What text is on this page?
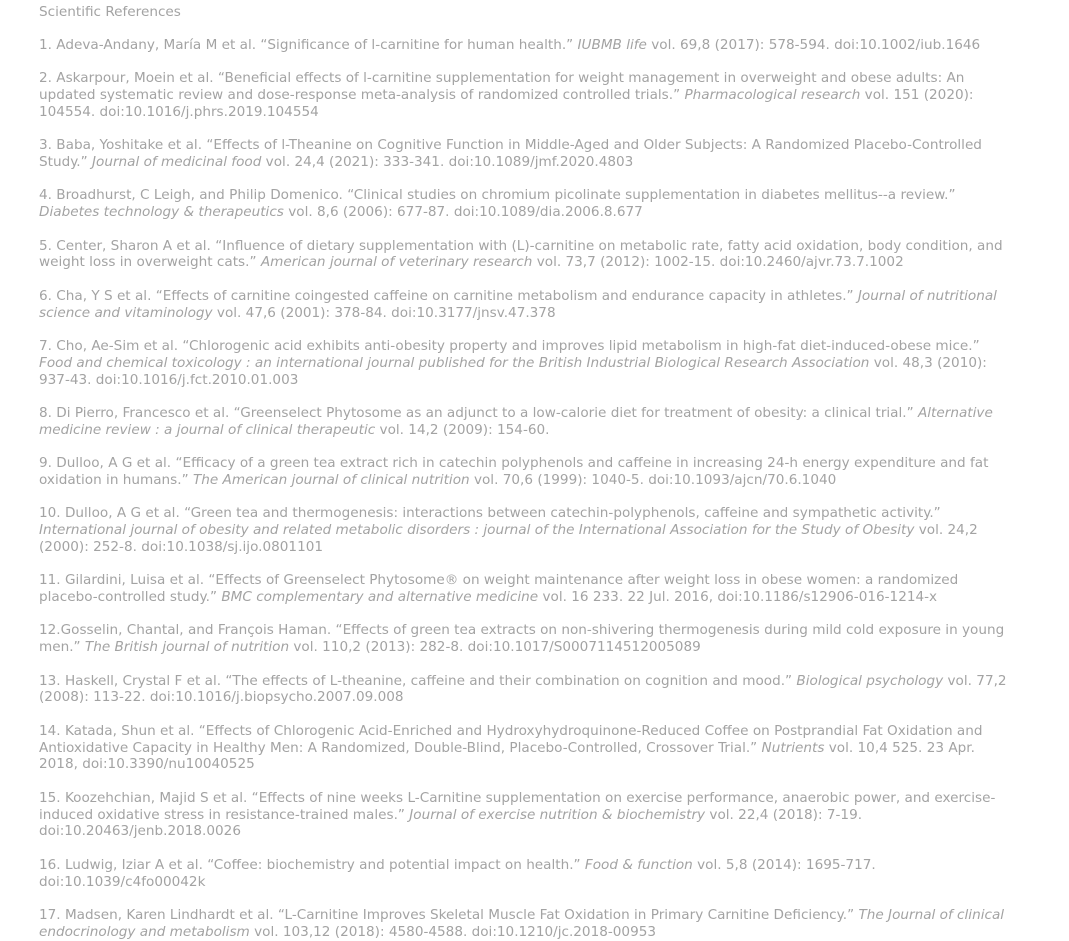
Scientific References
1. Adeva-Andany, María M et al. “Significance of l-carnitine for human health.” IUBMB life vol. 69,8 (2017): 578-594. doi:10.1002/iub.1646
2. Askarpour, Moein et al. “Beneficial effects of l-carnitine supplementation for weight management in overweight and obese adults: An updated systematic review and dose-response meta-analysis of randomized controlled trials.” Pharmacological research vol. 151 (2020): 104554. doi:10.1016/j.phrs.2019.104554
3. Baba, Yoshitake et al. “Effects of l-Theanine on Cognitive Function in Middle-Aged and Older Subjects: A Randomized Placebo-Controlled Study.” Journal of medicinal food vol. 24,4 (2021): 333-341. doi:10.1089/jmf.2020.4803
4. Broadhurst, C Leigh, and Philip Domenico. “Clinical studies on chromium picolinate supplementation in diabetes mellitus--a review.” Diabetes technology & therapeutics vol. 8,6 (2006): 677-87. doi:10.1089/dia.2006.8.677
5. Center, Sharon A et al. “Influence of dietary supplementation with (L)-carnitine on metabolic rate, fatty acid oxidation, body condition, and weight loss in overweight cats.” American journal of veterinary research vol. 73,7 (2012): 1002-15. doi:10.2460/ajvr.73.7.1002
6. Cha, Y S et al. “Effects of carnitine coingested caffeine on carnitine metabolism and endurance capacity in athletes.” Journal of nutritional science and vitaminology vol. 47,6 (2001): 378-84. doi:10.3177/jnsv.47.378
7. Cho, Ae-Sim et al. “Chlorogenic acid exhibits anti-obesity property and improves lipid metabolism in high-fat diet-induced-obese mice.” Food and chemical toxicology : an international journal published for the British Industrial Biological Research Association vol. 48,3 (2010): 937-43. doi:10.1016/j.fct.2010.01.003
8. Di Pierro, Francesco et al. “Greenselect Phytosome as an adjunct to a low-calorie diet for treatment of obesity: a clinical trial.” Alternative medicine review : a journal of clinical therapeutic vol. 14,2 (2009): 154-60.
9. Dulloo, A G et al. “Efficacy of a green tea extract rich in catechin polyphenols and caffeine in increasing 24-h energy expenditure and fat oxidation in humans.” The American journal of clinical nutrition vol. 70,6 (1999): 1040-5. doi:10.1093/ajcn/70.6.1040
10. Dulloo, A G et al. “Green tea and thermogenesis: interactions between catechin-polyphenols, caffeine and sympathetic activity.” International journal of obesity and related metabolic disorders : journal of the International Association for the Study of Obesity vol. 24,2 (2000): 252-8. doi:10.1038/sj.ijo.0801101
11. Gilardini, Luisa et al. “Effects of Greenselect Phytosome® on weight maintenance after weight loss in obese women: a randomized placebo-controlled study.” BMC complementary and alternative medicine vol. 16 233. 22 Jul. 2016, doi:10.1186/s12906-016-1214-x
12.Gosselin, Chantal, and François Haman. “Effects of green tea extracts on non-shivering thermogenesis during mild cold exposure in young men.” The British journal of nutrition vol. 110,2 (2013): 282-8. doi:10.1017/S0007114512005089
13. Haskell, Crystal F et al. “The effects of L-theanine, caffeine and their combination on cognition and mood.” Biological psychology vol. 77,2 (2008): 113-22. doi:10.1016/j.biopsycho.2007.09.008
14. Katada, Shun et al. “Effects of Chlorogenic Acid-Enriched and Hydroxyhydroquinone-Reduced Coffee on Postprandial Fat Oxidation and Antioxidative Capacity in Healthy Men: A Randomized, Double-Blind, Placebo-Controlled, Crossover Trial.” Nutrients vol. 10,4 525. 23 Apr. 2018, doi:10.3390/nu10040525
15. Koozehchian, Majid S et al. “Effects of nine weeks L-Carnitine supplementation on exercise performance, anaerobic power, and exercise-induced oxidative stress in resistance-trained males.” Journal of exercise nutrition & biochemistry vol. 22,4 (2018): 7-19. doi:10.20463/jenb.2018.0026
16. Ludwig, Iziar A et al. “Coffee: biochemistry and potential impact on health.” Food & function vol. 5,8 (2014): 1695-717. doi:10.1039/c4fo00042k
17. Madsen, Karen Lindhardt et al. “L-Carnitine Improves Skeletal Muscle Fat Oxidation in Primary Carnitine Deficiency.” The Journal of clinical endocrinology and metabolism vol. 103,12 (2018): 4580-4588. doi:10.1210/jc.2018-00953
